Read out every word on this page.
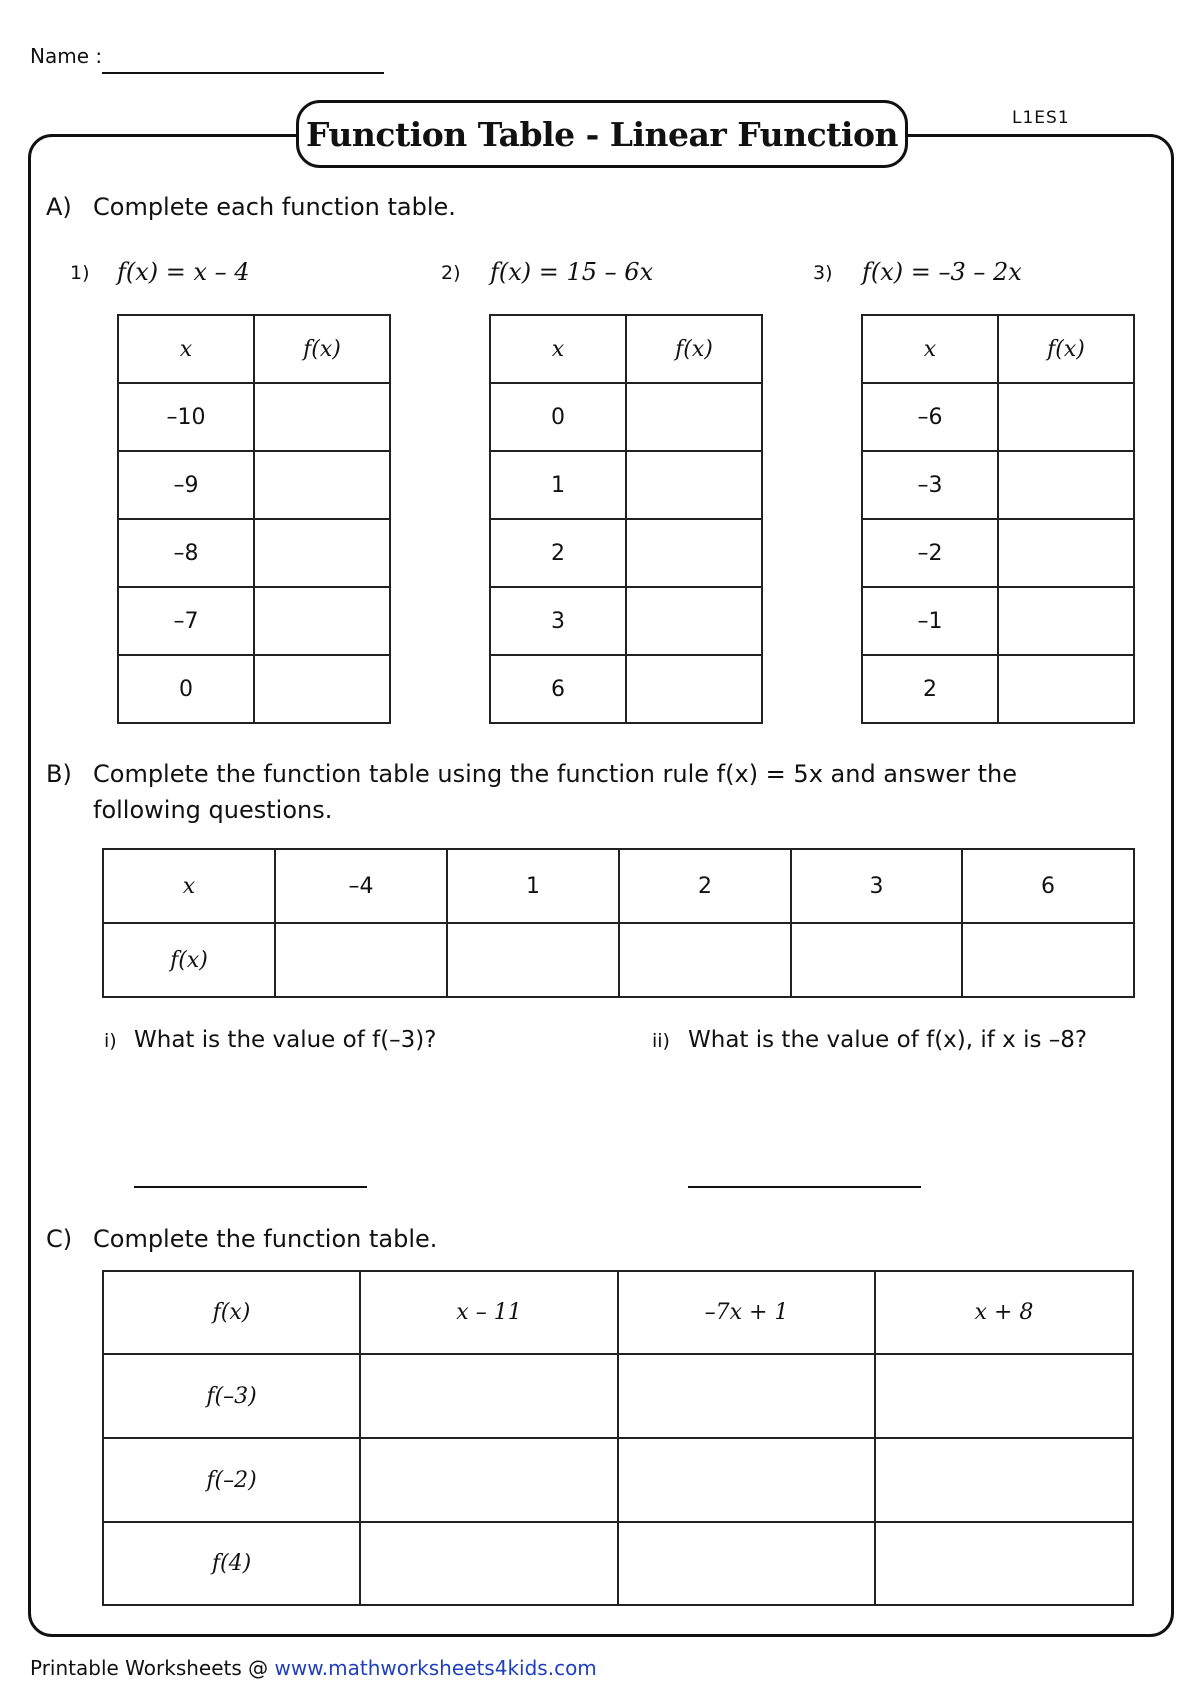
Name :
L1ES1
Function Table - Linear Function
A) Complete each function table.
1) f(x) = x – 4	2) f(x) = 15 – 6x	3) f(x) = –3 – 2x
x	f(x)
–10	
–9	
–8	
–7	
0	
x	f(x)
0	
1	
2	
3	
6	
x	f(x)
–6	
–3	
–2	
–1	
2	
B) Complete the function table using the function rule f(x) = 5x and answer the
following questions.
x	–4	1	2	3	6
f(x)					
i) What is the value of f(–3)?	ii) What is the value of f(x), if x is –8?
C) Complete the function table.
f(x)	x – 11	–7x + 1	x + 8
f(–3)			
f(–2)			
f(4)			
Printable Worksheets @ www.mathworksheets4kids.com
